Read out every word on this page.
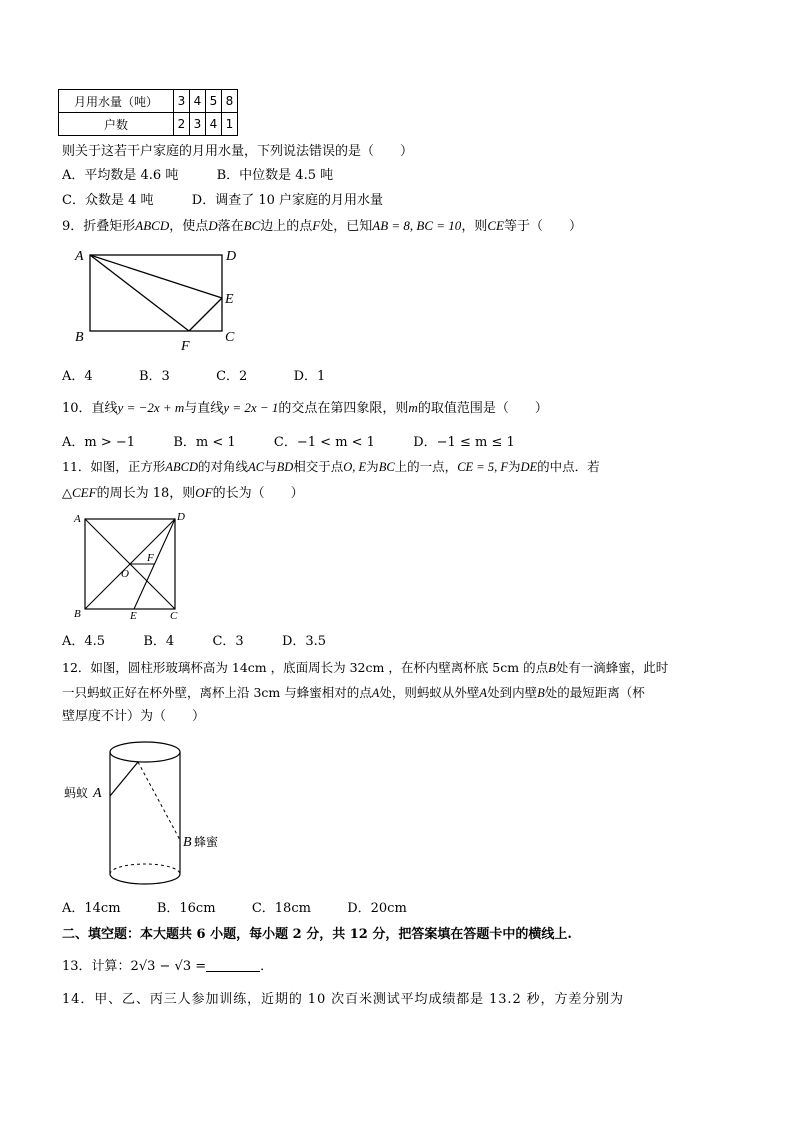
月用水量（吨）	3	4	5	8
户数	2	3	4	1
则关于这若干户家庭的月用水量，下列说法错误的是（　　）
A．平均数是 4.6 吨	B．中位数是 4.5 吨
C．众数是 4 吨	D．调查了 10 户家庭的月用水量
9．折叠矩形ABCD，使点D落在BC边上的点F处，已知AB = 8, BC = 10，则CE等于（　　）
A	D
E
B
F
C
A．4	B．3	C．2	D．1
10．直线y = −2x + m与直线y = 2x − 1的交点在第四象限，则m的取值范围是（　　）
A．m > −1	B．m < 1	C．−1 < m < 1	D．−1 ≤ m ≤ 1
11．如图，正方形ABCD的对角线AC与BD相交于点O, E为BC上的一点，CE = 5, F为DE的中点．若
△CEF的周长为 18，则OF的长为（　　）
A	D
F
O
B	E	C
A．4.5	B．4	C．3	D．3.5
12．如图，圆柱形玻璃杯高为 14cm ，底面周长为 32cm ，在杯内壁离杯底 5cm 的点B处有一滴蜂蜜，此时
一只蚂蚁正好在杯外壁，离杯上沿 3cm 与蜂蜜相对的点A处，则蚂蚁从外壁A处到内壁B处的最短距离（杯
壁厚度不计）为（　　）
蚂蚁 A
B 蜂蜜
A．14cm	B．16cm	C．18cm	D．20cm
二、填空题：本大题共 6 小题，每小题 2 分，共 12 分，把答案填在答题卡中的横线上.
13．计算：2√3 − √3 =	．
14．甲、乙、丙三人参加训练，近期的 10 次百米测试平均成绩都是 13.2 秒，方差分别为
